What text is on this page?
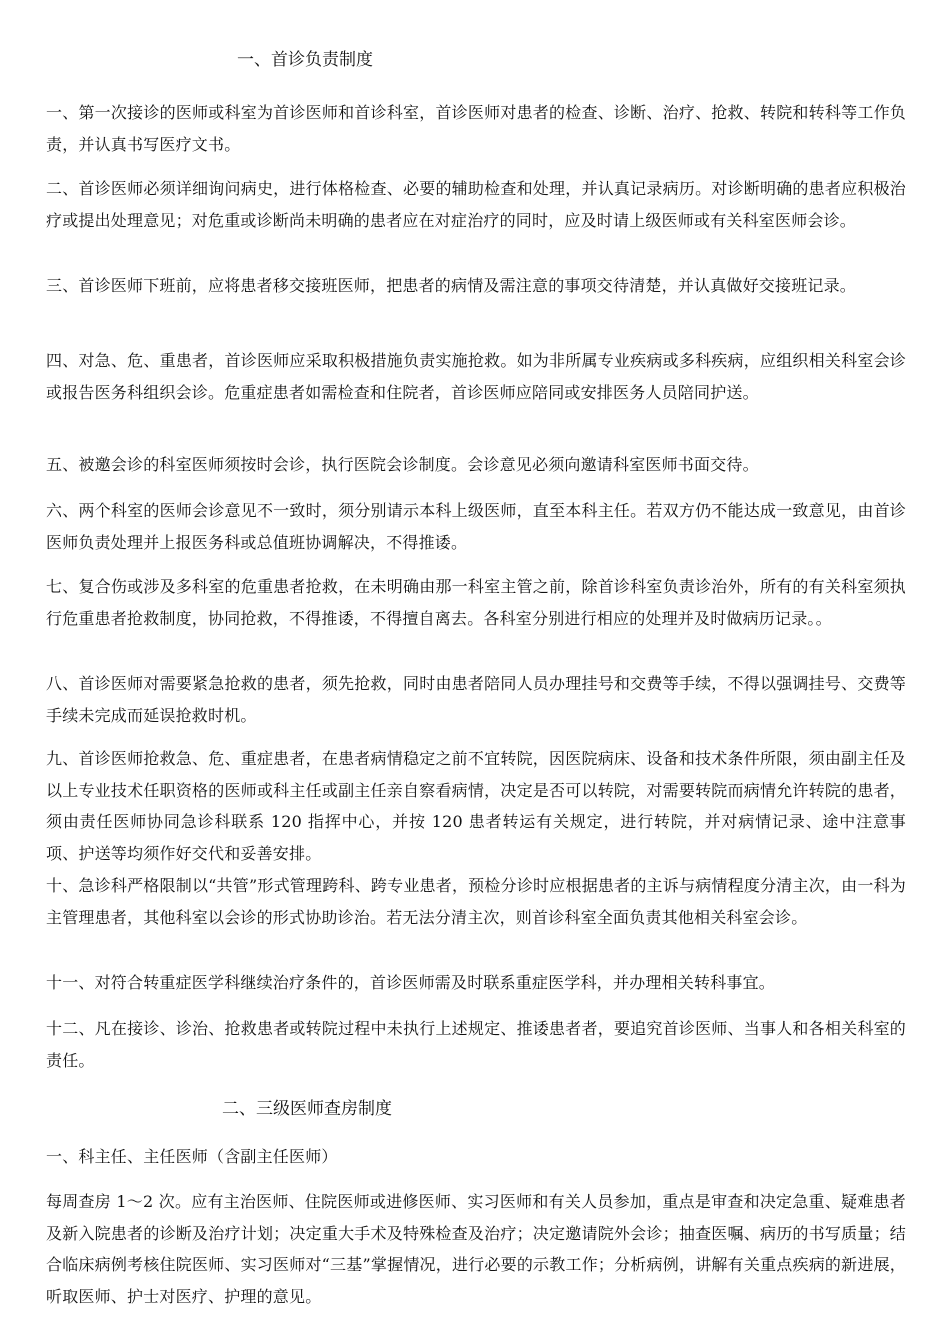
一、首诊负责制度
一、第一次接诊的医师或科室为首诊医师和首诊科室，首诊医师对患者的检查、诊断、治疗、抢救、转院和转科等工作负责，并认真书写医疗文书。
二、首诊医师必须详细询问病史，进行体格检查、必要的辅助检查和处理，并认真记录病历。对诊断明确的患者应积极治疗或提出处理意见；对危重或诊断尚未明确的患者应在对症治疗的同时，应及时请上级医师或有关科室医师会诊。
三、首诊医师下班前，应将患者移交接班医师，把患者的病情及需注意的事项交待清楚，并认真做好交接班记录。
四、对急、危、重患者，首诊医师应采取积极措施负责实施抢救。如为非所属专业疾病或多科疾病，应组织相关科室会诊或报告医务科组织会诊。危重症患者如需检查和住院者，首诊医师应陪同或安排医务人员陪同护送。
五、被邀会诊的科室医师须按时会诊，执行医院会诊制度。会诊意见必须向邀请科室医师书面交待。
六、两个科室的医师会诊意见不一致时，须分别请示本科上级医师，直至本科主任。若双方仍不能达成一致意见，由首诊医师负责处理并上报医务科或总值班协调解决，不得推诿。
七、复合伤或涉及多科室的危重患者抢救，在未明确由那一科室主管之前，除首诊科室负责诊治外，所有的有关科室须执行危重患者抢救制度，协同抢救，不得推诿，不得擅自离去。各科室分别进行相应的处理并及时做病历记录。。
八、首诊医师对需要紧急抢救的患者，须先抢救，同时由患者陪同人员办理挂号和交费等手续，不得以强调挂号、交费等手续未完成而延误抢救时机。
九、首诊医师抢救急、危、重症患者，在患者病情稳定之前不宜转院，因医院病床、设备和技术条件所限，须由副主任及以上专业技术任职资格的医师或科主任或副主任亲自察看病情，决定是否可以转院，对需要转院而病情允许转院的患者，须由责任医师协同急诊科联系 120 指挥中心，并按 120 患者转运有关规定，进行转院，并对病情记录、途中注意事项、护送等均须作好交代和妥善安排。
十、急诊科严格限制以“共管”形式管理跨科、跨专业患者，预检分诊时应根据患者的主诉与病情程度分清主次，由一科为主管理患者，其他科室以会诊的形式协助诊治。若无法分清主次，则首诊科室全面负责其他相关科室会诊。
十一、对符合转重症医学科继续治疗条件的，首诊医师需及时联系重症医学科，并办理相关转科事宜。
十二、凡在接诊、诊治、抢救患者或转院过程中未执行上述规定、推诿患者者，要追究首诊医师、当事人和各相关科室的责任。
二、三级医师查房制度
一、科主任、主任医师（含副主任医师）
每周查房 1～2 次。应有主治医师、住院医师或进修医师、实习医师和有关人员参加，重点是审查和决定急重、疑难患者及新入院患者的诊断及治疗计划；决定重大手术及特殊检查及治疗；决定邀请院外会诊；抽查医嘱、病历的书写质量；结合临床病例考核住院医师、实习医师对“三基”掌握情况，进行必要的示教工作；分析病例，讲解有关重点疾病的新进展，听取医师、护士对医疗、护理的意见。
